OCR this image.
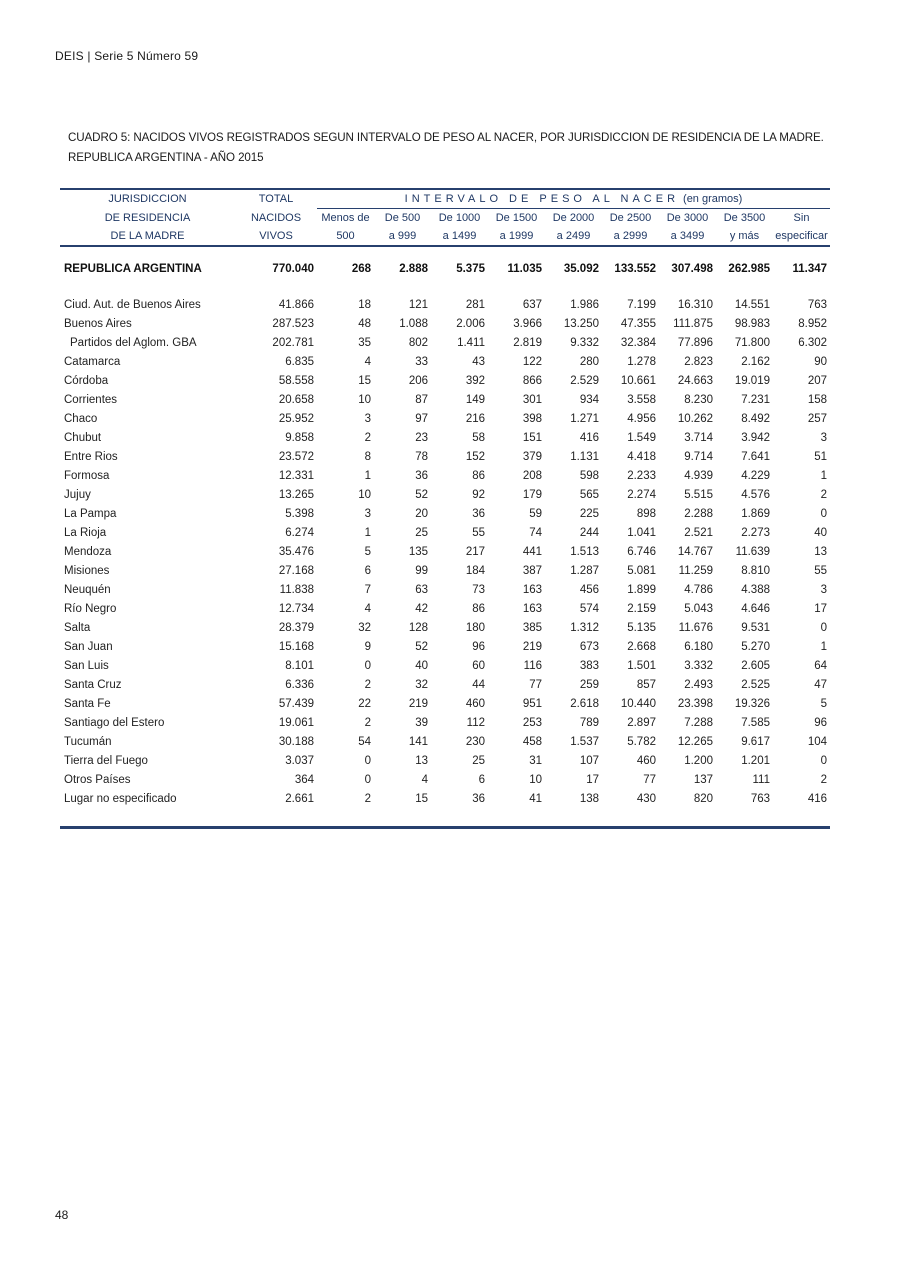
DEIS | Serie 5 Número 59
CUADRO 5: NACIDOS VIVOS REGISTRADOS SEGUN INTERVALO DE PESO AL NACER, POR JURISDICCION DE RESIDENCIA DE LA MADRE.
REPUBLICA ARGENTINA - AÑO 2015
JURISDICCION	TOTAL	INTERVALO DE PESO AL NACER (en gramos)								
DE RESIDENCIA	NACIDOS	Menos de	De 500	De 1000	De 1500	De 2000	De 2500	De 3000	De 3500	Sin
DE LA MADRE	VIVOS	500	a 999	a 1499	a 1999	a 2499	a 2999	a 3499	y más	especificar
REPUBLICA ARGENTINA	770.040	268	2.888	5.375	11.035	35.092	133.552	307.498	262.985	11.347
Ciud. Aut. de Buenos Aires	41.866	18	121	281	637	1.986	7.199	16.310	14.551	763
Buenos Aires	287.523	48	1.088	2.006	3.966	13.250	47.355	111.875	98.983	8.952
Partidos del Aglom. GBA	202.781	35	802	1.411	2.819	9.332	32.384	77.896	71.800	6.302
Catamarca	6.835	4	33	43	122	280	1.278	2.823	2.162	90
Córdoba	58.558	15	206	392	866	2.529	10.661	24.663	19.019	207
Corrientes	20.658	10	87	149	301	934	3.558	8.230	7.231	158
Chaco	25.952	3	97	216	398	1.271	4.956	10.262	8.492	257
Chubut	9.858	2	23	58	151	416	1.549	3.714	3.942	3
Entre Rios	23.572	8	78	152	379	1.131	4.418	9.714	7.641	51
Formosa	12.331	1	36	86	208	598	2.233	4.939	4.229	1
Jujuy	13.265	10	52	92	179	565	2.274	5.515	4.576	2
La Pampa	5.398	3	20	36	59	225	898	2.288	1.869	0
La Rioja	6.274	1	25	55	74	244	1.041	2.521	2.273	40
Mendoza	35.476	5	135	217	441	1.513	6.746	14.767	11.639	13
Misiones	27.168	6	99	184	387	1.287	5.081	11.259	8.810	55
Neuquén	11.838	7	63	73	163	456	1.899	4.786	4.388	3
Río Negro	12.734	4	42	86	163	574	2.159	5.043	4.646	17
Salta	28.379	32	128	180	385	1.312	5.135	11.676	9.531	0
San Juan	15.168	9	52	96	219	673	2.668	6.180	5.270	1
San Luis	8.101	0	40	60	116	383	1.501	3.332	2.605	64
Santa Cruz	6.336	2	32	44	77	259	857	2.493	2.525	47
Santa Fe	57.439	22	219	460	951	2.618	10.440	23.398	19.326	5
Santiago del Estero	19.061	2	39	112	253	789	2.897	7.288	7.585	96
Tucumán	30.188	54	141	230	458	1.537	5.782	12.265	9.617	104
Tierra del Fuego	3.037	0	13	25	31	107	460	1.200	1.201	0
Otros Países	364	0	4	6	10	17	77	137	111	2
Lugar no especificado	2.661	2	15	36	41	138	430	820	763	416
48
